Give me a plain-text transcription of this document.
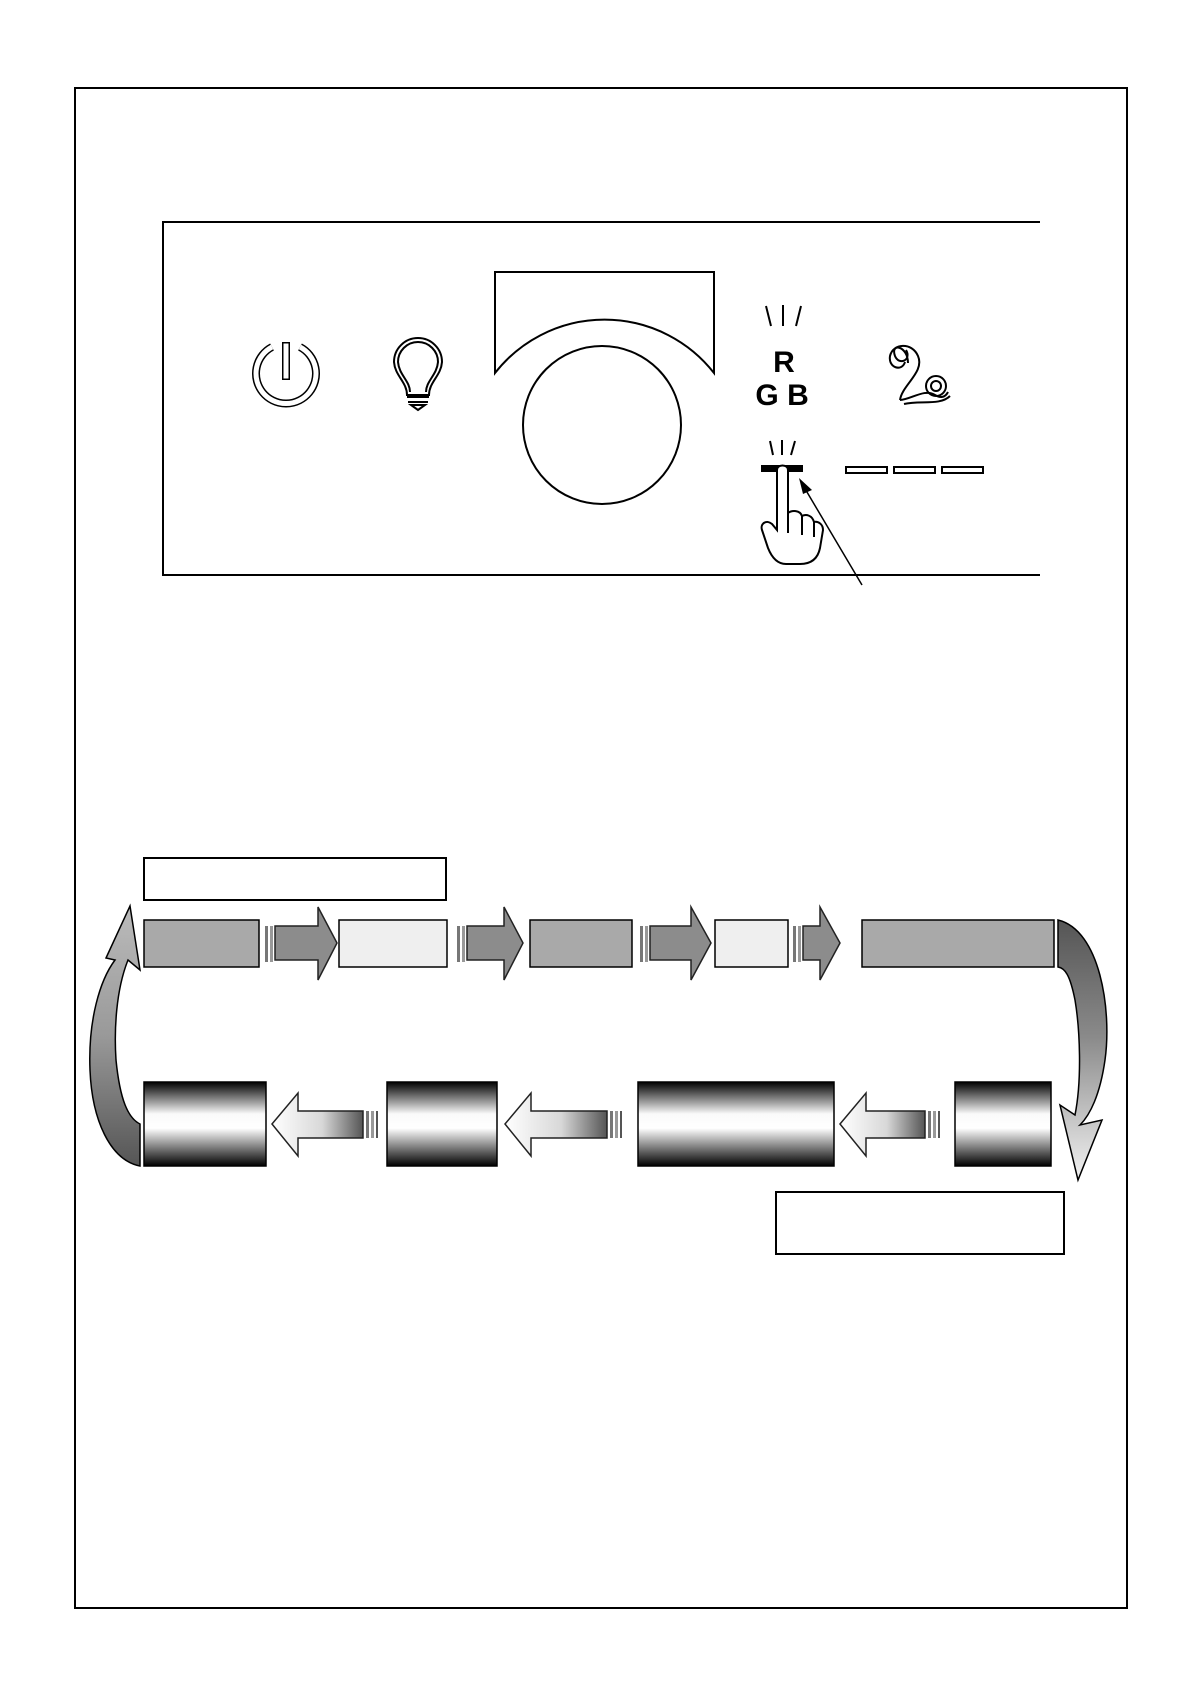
R
G B
